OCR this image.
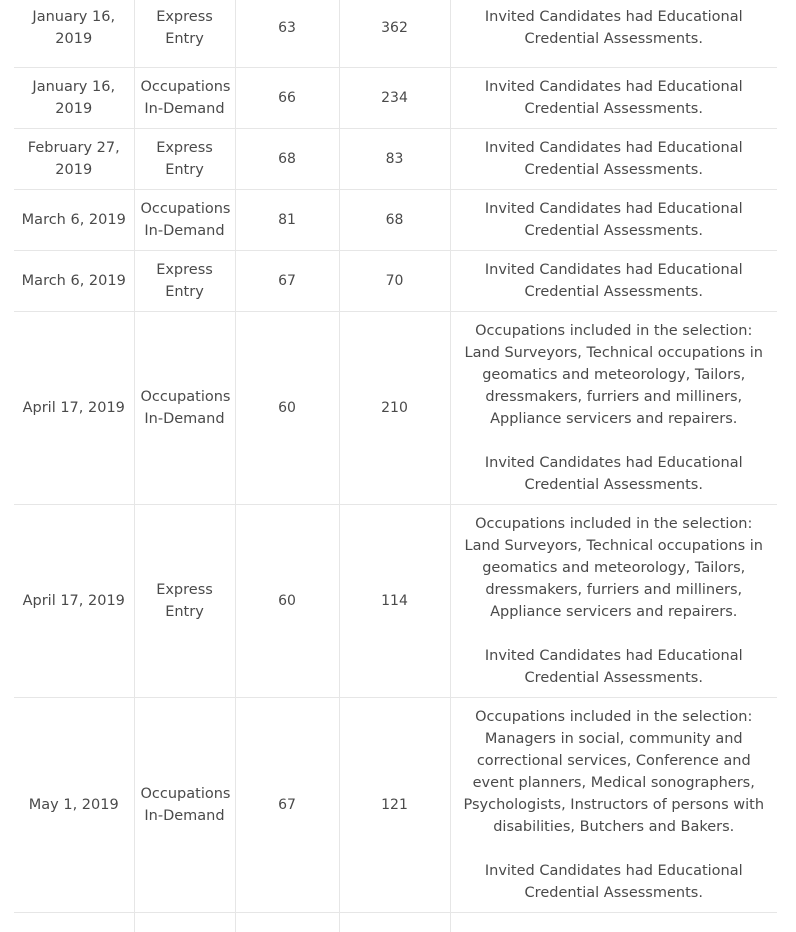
January 16, 2019	Express Entry	63	362	Invited Candidates had Educational Credential Assessments.

January 16, 2019	Occupations In-Demand	66	234	Invited Candidates had Educational Credential Assessments.

February 27, 2019	Express Entry	68	83	Invited Candidates had Educational Credential Assessments.

March 6, 2019	Occupations In-Demand	81	68	Invited Candidates had Educational Credential Assessments.

March 6, 2019	Express Entry	67	70	Invited Candidates had Educational Credential Assessments.

April 17, 2019	Occupations In-Demand	60	210	Occupations included in the selection: Land Surveyors, Technical occupations in geomatics and meteorology, Tailors, dressmakers, furriers and milliners, Appliance servicers and repairers.
Invited Candidates had Educational Credential Assessments.

April 17, 2019	Express Entry	60	114	Occupations included in the selection: Land Surveyors, Technical occupations in geomatics and meteorology, Tailors, dressmakers, furriers and milliners, Appliance servicers and repairers.
Invited Candidates had Educational Credential Assessments.

May 1, 2019	Occupations In-Demand	67	121	Occupations included in the selection: Managers in social, community and correctional services, Conference and event planners, Medical sonographers, Psychologists, Instructors of persons with disabilities, Butchers and Bakers.
Invited Candidates had Educational Credential Assessments.
